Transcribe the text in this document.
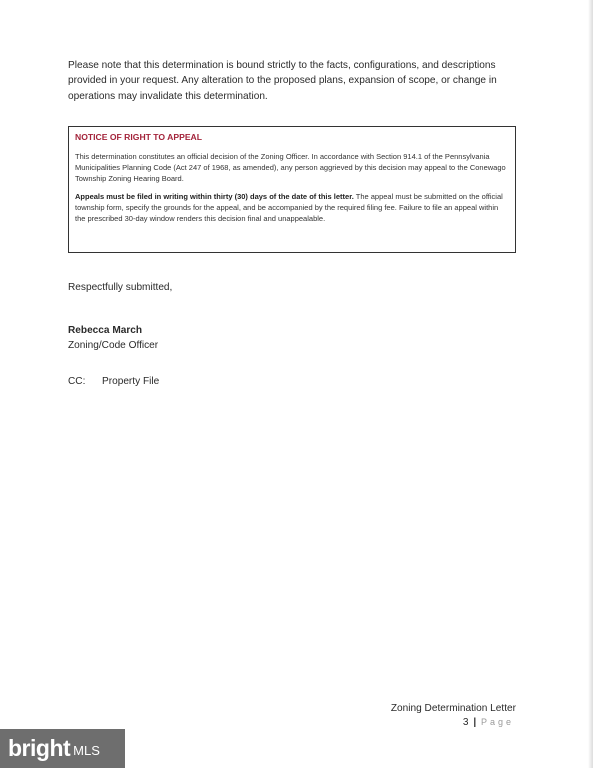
Please note that this determination is bound strictly to the facts, configurations, and descriptions provided in your request. Any alteration to the proposed plans, expansion of scope, or change in operations may invalidate this determination.

NOTICE OF RIGHT TO APPEAL

This determination constitutes an official decision of the Zoning Officer. In accordance with Section 914.1 of the Pennsylvania Municipalities Planning Code (Act 247 of 1968, as amended), any person aggrieved by this decision may appeal to the Conewago Township Zoning Hearing Board.

Appeals must be filed in writing within thirty (30) days of the date of this letter. The appeal must be submitted on the official township form, specify the grounds for the appeal, and be accompanied by the required filing fee. Failure to file an appeal within the prescribed 30-day window renders this decision final and unappealable.

Respectfully submitted,
Rebecca March
Zoning/Code Officer
CC: Property File
Zoning Determination Letter
3 | Page
bright MLS
